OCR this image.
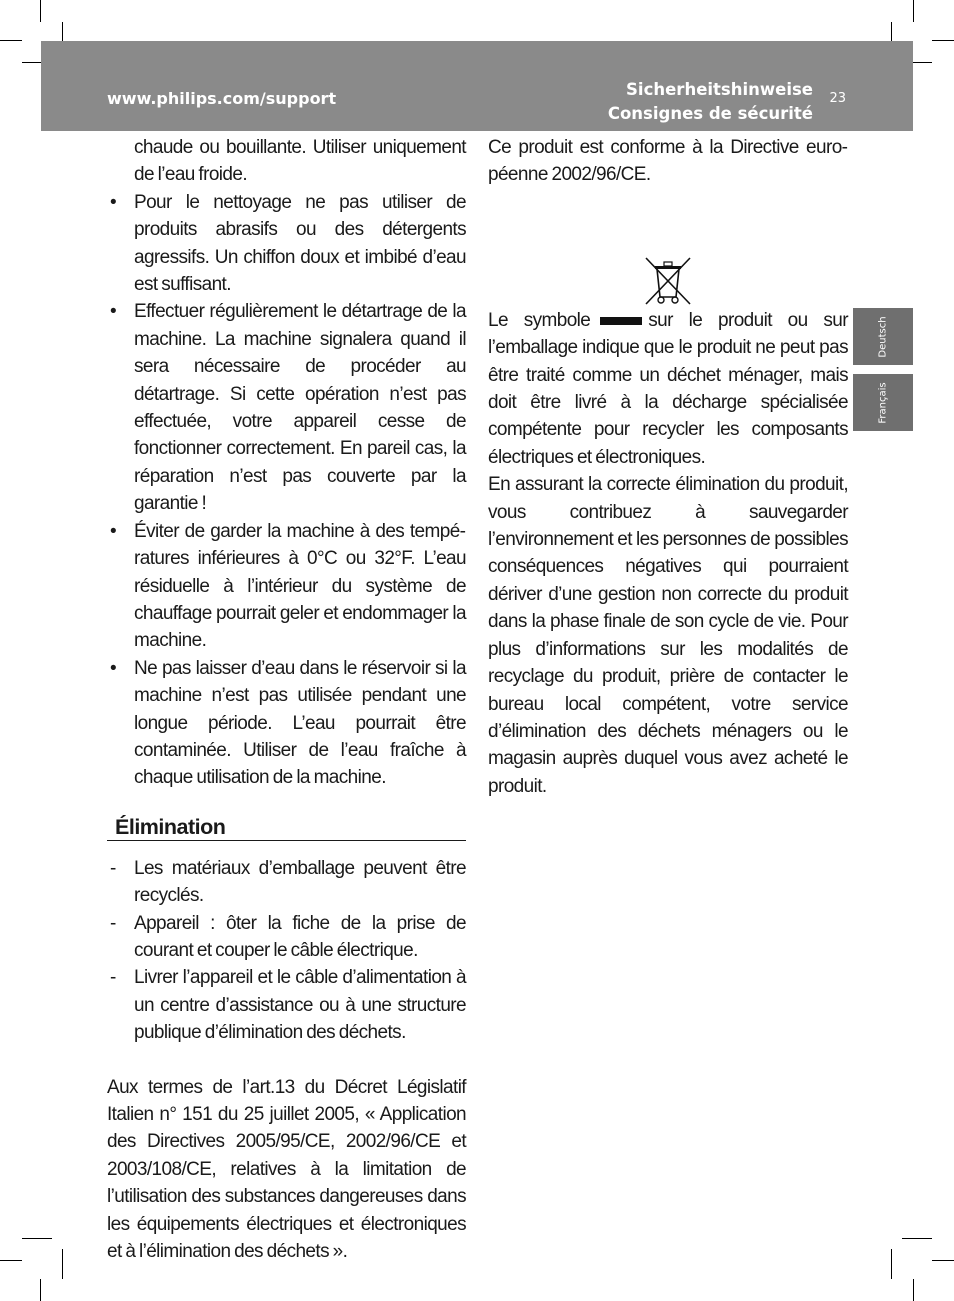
www.philips.com/support	Sicherheitshinweise
Consignes de sécurité
23
Deutsch
Français

chaude ou bouillante. Utiliser uniquement de l’eau froide.

• Pour le nettoyage ne pas utiliser de produits abrasifs ou des détergents agressifs. Un chiffon doux et imbibé d’eau est suffisant.
• Effectuer régulièrement le détartrage de la machine. La machine signalera quand il sera nécessaire de procéder au détartrage. Si cette opération n’est pas effectuée, votre appareil cesse de fonctionner correctement. En pareil cas, la réparation n’est pas couverte par la garantie !
• Éviter de garder la machine à des températures inférieures à 0°C ou 32°F. L’eau résiduelle à l’intérieur du système de chauffage pourrait geler et endommager la machine.
• Ne pas laisser d’eau dans le réservoir si la machine n’est pas utilisée pendant une longue période. L’eau pourrait être contaminée. Utiliser de l’eau fraîche à chaque utilisation de la machine.
Élimination
- Les matériaux d’emballage peuvent être recyclés.
- Appareil : ôter la fiche de la prise de courant et couper le câble électrique.
- Livrer l’appareil et le câble d’alimentation à un centre d’assistance ou à une structure publique d’élimination des déchets.

Aux termes de l’art.13 du Décret Législatif Italien n° 151 du 25 juillet 2005, « Application des Directives 2005/95/CE, 2002/96/CE et 2003/108/CE, relatives à la limitation de l’utilisation des substances dangereuses dans les équipements électriques et électroniques et à l’élimination des déchets ».

Ce produit est conforme à la Directive européenne 2002/96/CE.

Le symbole	sur le produit ou sur l’emballage indique que le produit ne peut pas être traité comme un déchet ménager, mais doit être livré à la décharge spécialisée compétente pour recycler les composants électriques et électroniques.

En assurant la correcte élimination du produit, vous contribuez à sauvegarder l’environnement et les personnes de possibles conséquences négatives qui pourraient dériver d’une gestion non correcte du produit dans la phase finale de son cycle de vie. Pour plus d’informations sur les modalités de recyclage du produit, prière de contacter le bureau local compétent, votre service d’élimination des déchets ménagers ou le magasin auprès duquel vous avez acheté le produit.
